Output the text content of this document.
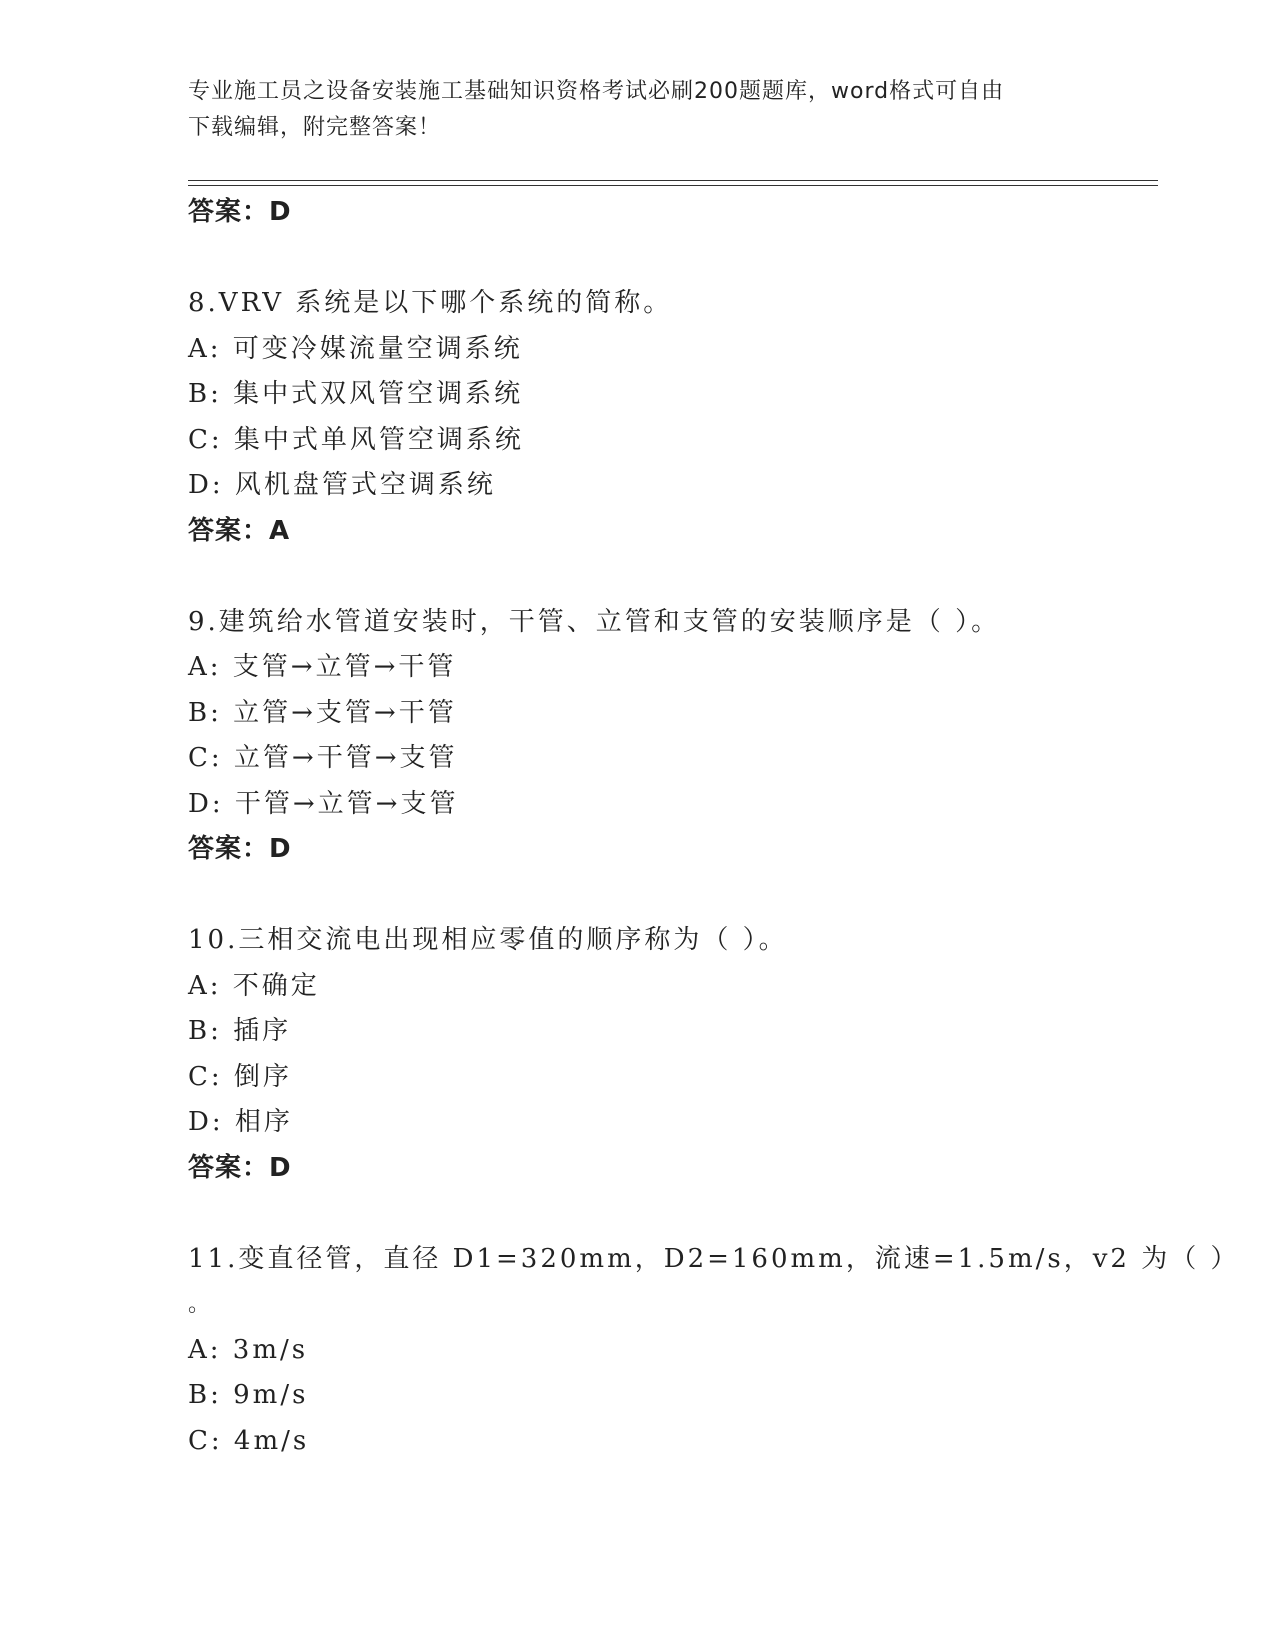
专业施工员之设备安装施工基础知识资格考试必刷200题题库，word格式可自由
下载编辑，附完整答案！
答案：D
8.VRV 系统是以下哪个系统的简称。
A: 可变冷媒流量空调系统
B: 集中式双风管空调系统
C: 集中式单风管空调系统
D: 风机盘管式空调系统
答案：A
9.建筑给水管道安装时，干管、立管和支管的安装顺序是（ ）。
A: 支管→立管→干管
B: 立管→支管→干管
C: 立管→干管→支管
D: 干管→立管→支管
答案：D
10.三相交流电出现相应零值的顺序称为（ ）。
A: 不确定
B: 插序
C: 倒序
D: 相序
答案：D
11.变直径管，直径 D1=320mm，D2=160mm，流速=1.5m/s，v2 为（ ）
。
A: 3m/s
B: 9m/s
C: 4m/s
